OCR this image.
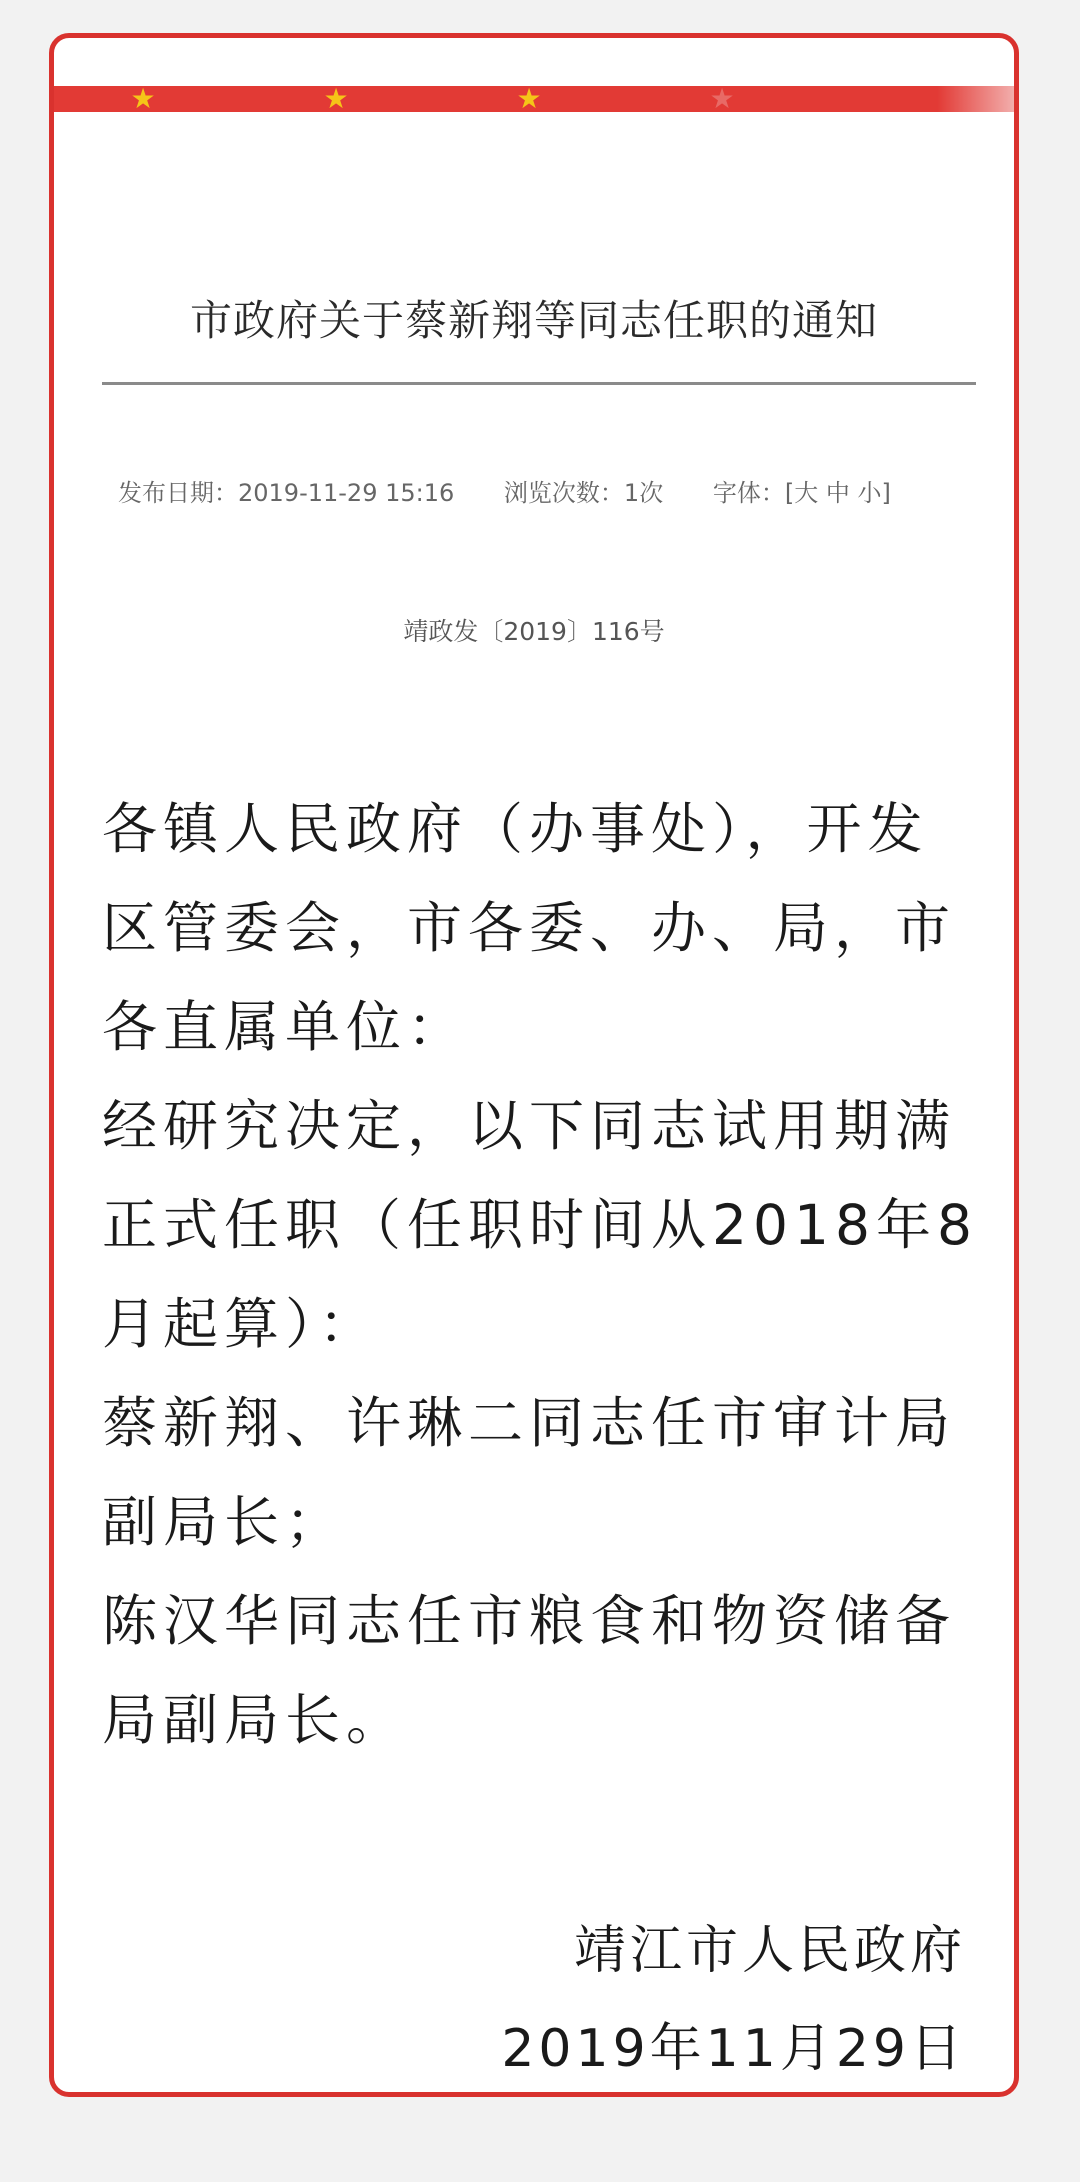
★	★	★	★
市政府关于蔡新翔等同志任职的通知
发布日期：2019-11-29 15:16 浏览次数：1次 字体：[大 中 小]
靖政发〔2019〕116号

各镇人民政府（办事处），开发区管委会，市各委、办、局，市各直属单位：

经研究决定，以下同志试用期满正式任职（任职时间从2018年8月起算）：

蔡新翔、许琳二同志任市审计局副局长；

陈汉华同志任市粮食和物资储备局副局长。

靖江市人民政府
2019年11月29日
